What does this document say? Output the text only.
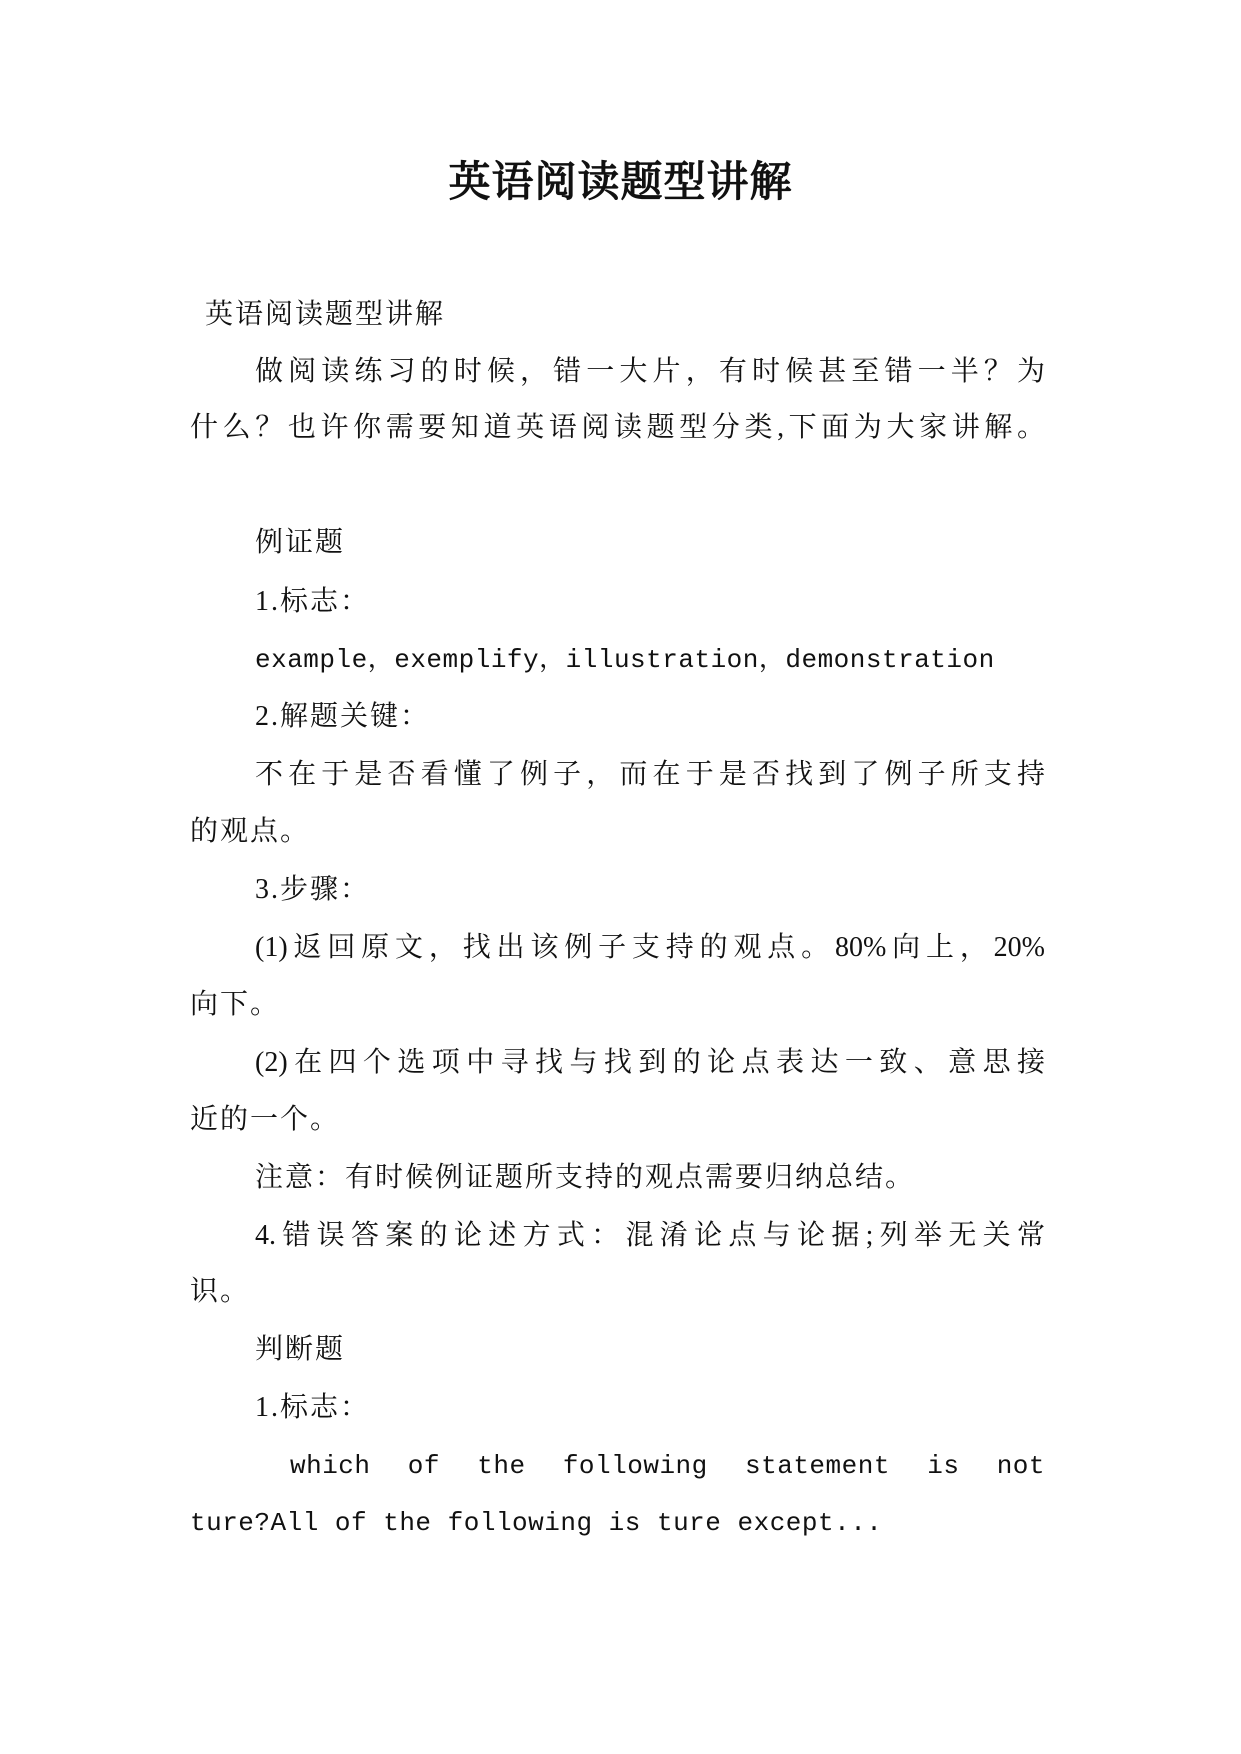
英语阅读题型讲解
英语阅读题型讲解
做阅读练习的时候，错一大片，有时候甚至错一半？为
什么？也许你需要知道英语阅读题型分类,下面为大家讲解。
例证题
1.标志：
example，exemplify，illustration，demonstration
2.解题关键：
不在于是否看懂了例子，而在于是否找到了例子所支持
的观点。
3.步骤：
(1)返回原文，找出该例子支持的观点。80%向上，20%
向下。
(2)在四个选项中寻找与找到的论点表达一致、意思接
近的一个。
注意：有时候例证题所支持的观点需要归纳总结。
4.错误答案的论述方式：混淆论点与论据;列举无关常
识。
判断题
1.标志：
which of the following statement is not
ture?All of the following is ture except...
